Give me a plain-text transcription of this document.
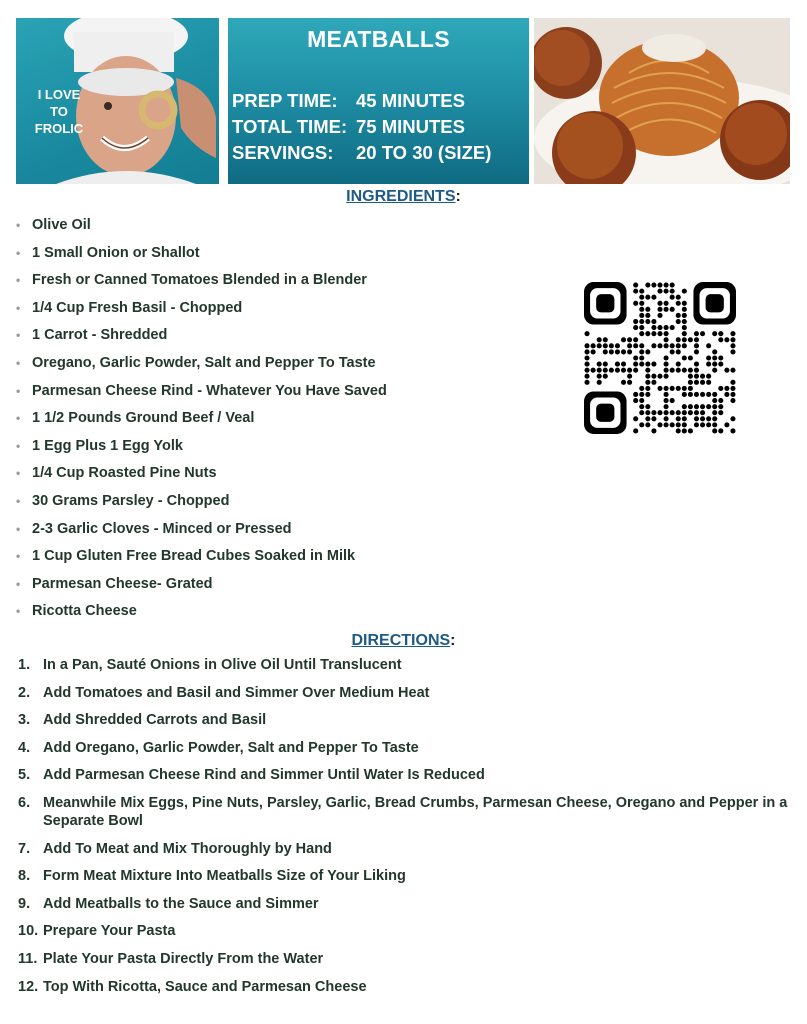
I LOVE
TO
FROLIC
MEATBALLS
PREP TIME: 45 MINUTES
TOTAL TIME: 75 MINUTES
SERVINGS: 20 TO 30 (SIZE)
INGREDIENTS:
• Olive Oil
• 1 Small Onion or Shallot
• Fresh or Canned Tomatoes Blended in a Blender
• 1/4 Cup Fresh Basil - Chopped
• 1 Carrot - Shredded
• Oregano, Garlic Powder, Salt and Pepper To Taste
• Parmesan Cheese Rind - Whatever You Have Saved
• 1 1/2 Pounds Ground Beef / Veal
• 1 Egg Plus 1 Egg Yolk
• 1/4 Cup Roasted Pine Nuts
• 30 Grams Parsley - Chopped
• 2-3 Garlic Cloves - Minced or Pressed
• 1 Cup Gluten Free Bread Cubes Soaked in Milk
• Parmesan Cheese- Grated
• Ricotta Cheese
DIRECTIONS:
1. In a Pan, Sauté Onions in Olive Oil Until Translucent
2. Add Tomatoes and Basil and Simmer Over Medium Heat
3. Add Shredded Carrots and Basil
4. Add Oregano, Garlic Powder, Salt and Pepper To Taste
5. Add Parmesan Cheese Rind and Simmer Until Water Is Reduced
6. Meanwhile Mix Eggs, Pine Nuts, Parsley, Garlic, Bread Crumbs, Parmesan Cheese, Oregano and Pepper in a Separate Bowl
7. Add To Meat and Mix Thoroughly by Hand
8. Form Meat Mixture Into Meatballs Size of Your Liking
9. Add Meatballs to the Sauce and Simmer
10. Prepare Your Pasta
11. Plate Your Pasta Directly From the Water
12. Top With Ricotta, Sauce and Parmesan Cheese
